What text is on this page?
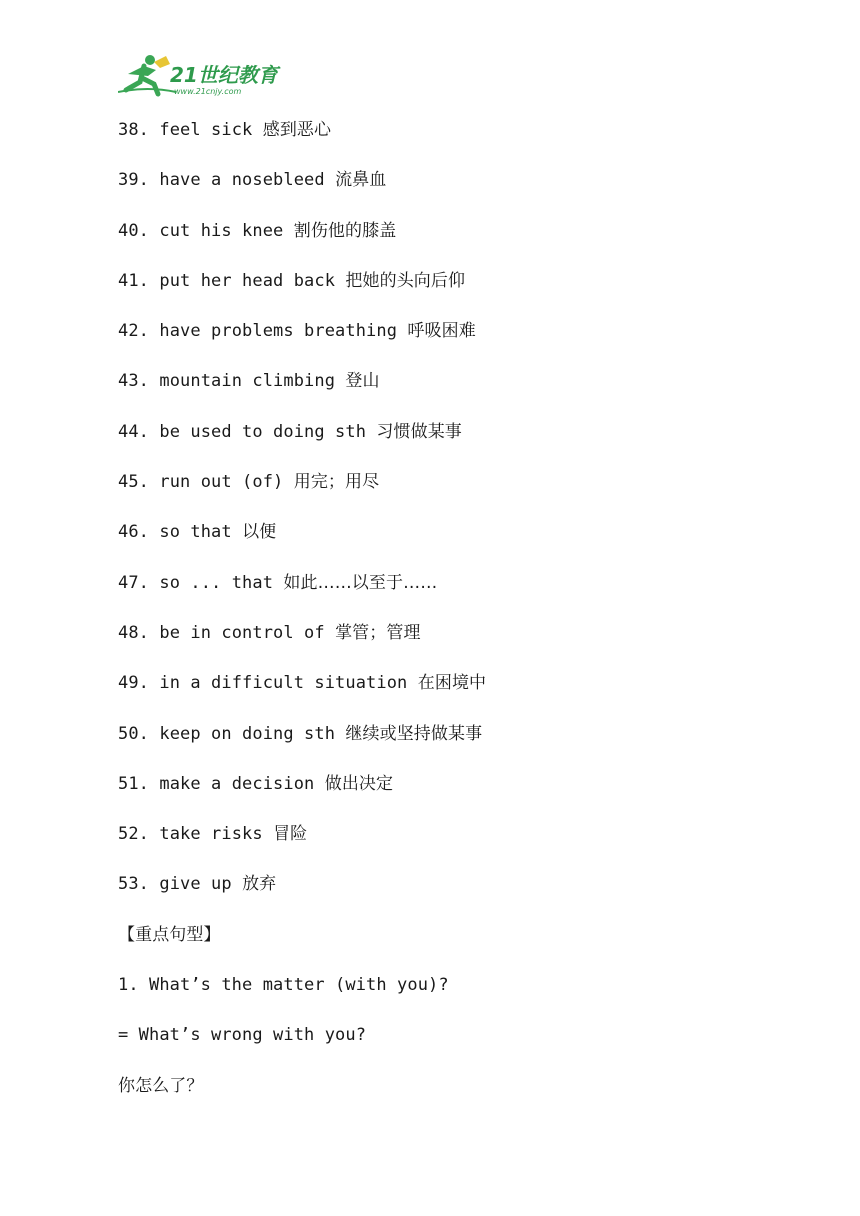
21世纪教育
www.21cnjy.com
38. feel sick 感到恶心
39. have a nosebleed 流鼻血
40. cut his knee 割伤他的膝盖
41. put her head back 把她的头向后仰
42. have problems breathing 呼吸困难
43. mountain climbing 登山
44. be used to doing sth 习惯做某事
45. run out (of) 用完；用尽
46. so that 以便
47. so ... that 如此……以至于……
48. be in control of 掌管；管理
49. in a difficult situation 在困境中
50. keep on doing sth 继续或坚持做某事
51. make a decision 做出决定
52. take risks 冒险
53. give up 放弃
【重点句型】
1. What’s the matter (with you)?
= What’s wrong with you?
你怎么了？
